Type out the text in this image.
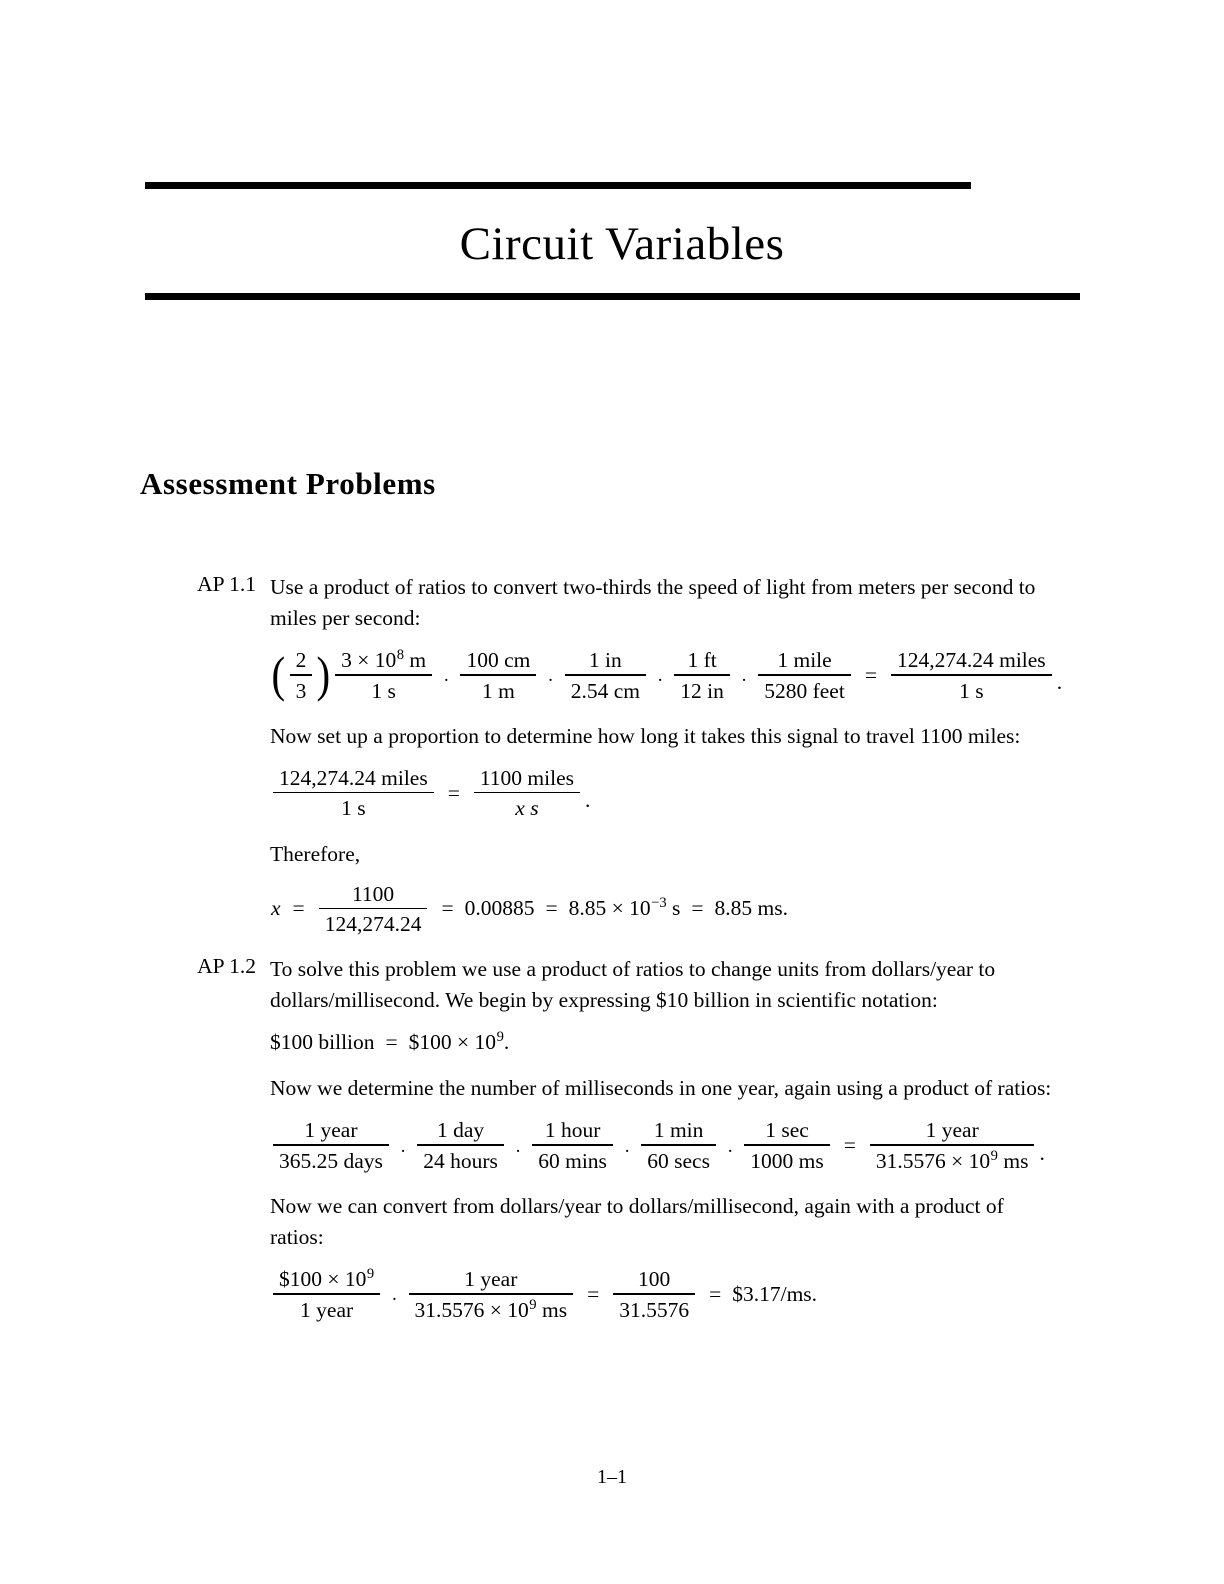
Circuit Variables
Assessment Problems
AP 1.1 Use a product of ratios to convert two-thirds the speed of light from meters per second to miles per second:

( $\frac{2}{3}$ ) $\frac{3 \times 10^8 m}{1 s} \cdot \frac{100 cm}{1 m} \cdot \frac{1 in}{2.54 cm} \cdot \frac{1 ft}{12 in} \cdot \frac{\text{1 mile}}{\text{5280 feet}} = \frac{\text{124,274.24 miles}}{1 s}$ .

Now set up a proportion to determine how long it takes this signal to travel 1100 miles:

$\frac{\text{124,274.24 miles}}{1 s} = \frac{\text{1100 miles}}{\text{x s}}$ .

Therefore,

$x = \frac{1100}{124,274.24} = 0.00885 = 8.85 \times 10^{-3}$ s = 8.85 ms.
AP 1.2 To solve this problem we use a product of ratios to change units from dollars/year to dollars/millisecond. We begin by expressing $10 billion in scientific notation:

$100 billion = $100 × $10^9$.

Now we determine the number of milliseconds in one year, again using a product of ratios:

$\frac{\text{1 year}}{\text{365.25 days}} \cdot \frac{\text{1 day}}{\text{24 hours}} \cdot \frac{\text{1 hour}}{60 \min s} \cdot \frac{1 \min}{60 \sec s} \cdot \frac{1 \sec}{1000 ms} = \frac{\text{1 year}}{31.5576 \times 10^9 ms}$ .

Now we can convert from dollars/year to dollars/millisecond, again with a product of ratios:

$\frac{\$100 \times 10^9}{\text{1 year}} \cdot \frac{\text{1 year}}{31.5576 \times 10^9 ms} = \frac{100}{31.5576}$ = $3.17/ms.
1–1
